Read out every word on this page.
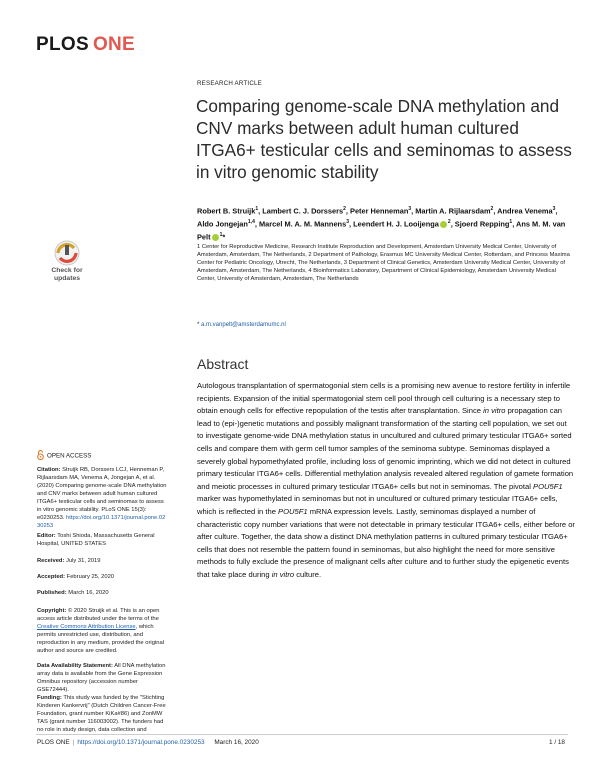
PLOS ONE
RESEARCH ARTICLE
Comparing genome-scale DNA methylation and CNV marks between adult human cultured ITGA6+ testicular cells and seminomas to assess in vitro genomic stability
Robert B. Struijk$^1$, Lambert C. J. Dorssers$^2$, Peter Henneman$^3$, Martin A. Rijlaarsdam$^2$, Andrea Venema$^3$, Aldo Jongejan$^{1,4}$, Marcel M. A. M. Mannens$^3$, Leendert H. J. Looijenga $^2$, Sjoerd Repping$^1$, Ans M. M. van Pelt $^1$*
1 Center for Reproductive Medicine, Research Institute Reproduction and Development, Amsterdam University Medical Center, University of Amsterdam, Amsterdam, The Netherlands, 2 Department of Pathology, Erasmus MC University Medical Center, Rotterdam, and Princess Maxima Center for Pediatric Oncology, Utrecht, The Netherlands, 3 Department of Clinical Genetics, Amsterdam University Medical Center, University of Amsterdam, Amsterdam, The Netherlands, 4 Bioinformatics Laboratory, Department of Clinical Epidemiology, Amsterdam University Medical Center, University of Amsterdam, Amsterdam, The Netherlands
* a.m.vanpelt@amsterdamumc.nl
Abstract
Autologous transplantation of spermatogonial stem cells is a promising new avenue to restore fertility in infertile recipients. Expansion of the initial spermatogonial stem cell pool through cell culturing is a necessary step to obtain enough cells for effective repopulation of the testis after transplantation. Since in vitro propagation can lead to (epi-)genetic mutations and possibly malignant transformation of the starting cell population, we set out to investigate genome-wide DNA methylation status in uncultured and cultured primary testicular ITGA6+ sorted cells and compare them with germ cell tumor samples of the seminoma subtype. Seminomas displayed a severely global hypomethylated profile, including loss of genomic imprinting, which we did not detect in cultured primary testicular ITGA6+ cells. Differential methylation analysis revealed altered regulation of gamete formation and meiotic processes in cultured primary testicular ITGA6+ cells but not in seminomas. The pivotal POU5F1 marker was hypomethylated in seminomas but not in uncultured or cultured primary testicular ITGA6+ cells, which is reflected in the POU5F1 mRNA expression levels. Lastly, seminomas displayed a number of characteristic copy number variations that were not detectable in primary testicular ITGA6+ cells, either before or after culture. Together, the data show a distinct DNA methylation patterns in cultured primary testicular ITGA6+ cells that does not resemble the pattern found in seminomas, but also highlight the need for more sensitive methods to fully exclude the presence of malignant cells after culture and to further study the epigenetic events that take place during in vitro culture.
Check for
updates
OPEN ACCESS
Citation: Struijk RB, Dorssers LCJ, Henneman P, Rijlaarsdam MA, Venema A, Jongejan A, et al. (2020) Comparing genome-scale DNA methylation and CNV marks between adult human cultured ITGA6+ testicular cells and seminomas to assess in vitro genomic stability. PLoS ONE 15(3): e0230253. https://doi.org/10.1371/journal.pone.0230253
Editor: Toshi Shioda, Massachusetts General Hospital, UNITED STATES
Received: July 31, 2019
Accepted: February 25, 2020
Published: March 16, 2020
Copyright: © 2020 Struijk et al. This is an open access article distributed under the terms of the Creative Commons Attribution License, which permits unrestricted use, distribution, and reproduction in any medium, provided the original author and source are credited.
Data Availability Statement: All DNA methylation array data is available from the Gene Expression Omnibus repository (accession number GSE72444).
Funding: This study was funded by the "Stichting Kinderen Kankervrij" (Dutch Children Cancer-Free Foundation, grant number KiKa#86) and ZonMW TAS (grant number 116003002). The funders had no role in study design, data collection and
PLOS ONE | https://doi.org/10.1371/journal.pone.0230253 March 16, 2020	1 / 18
